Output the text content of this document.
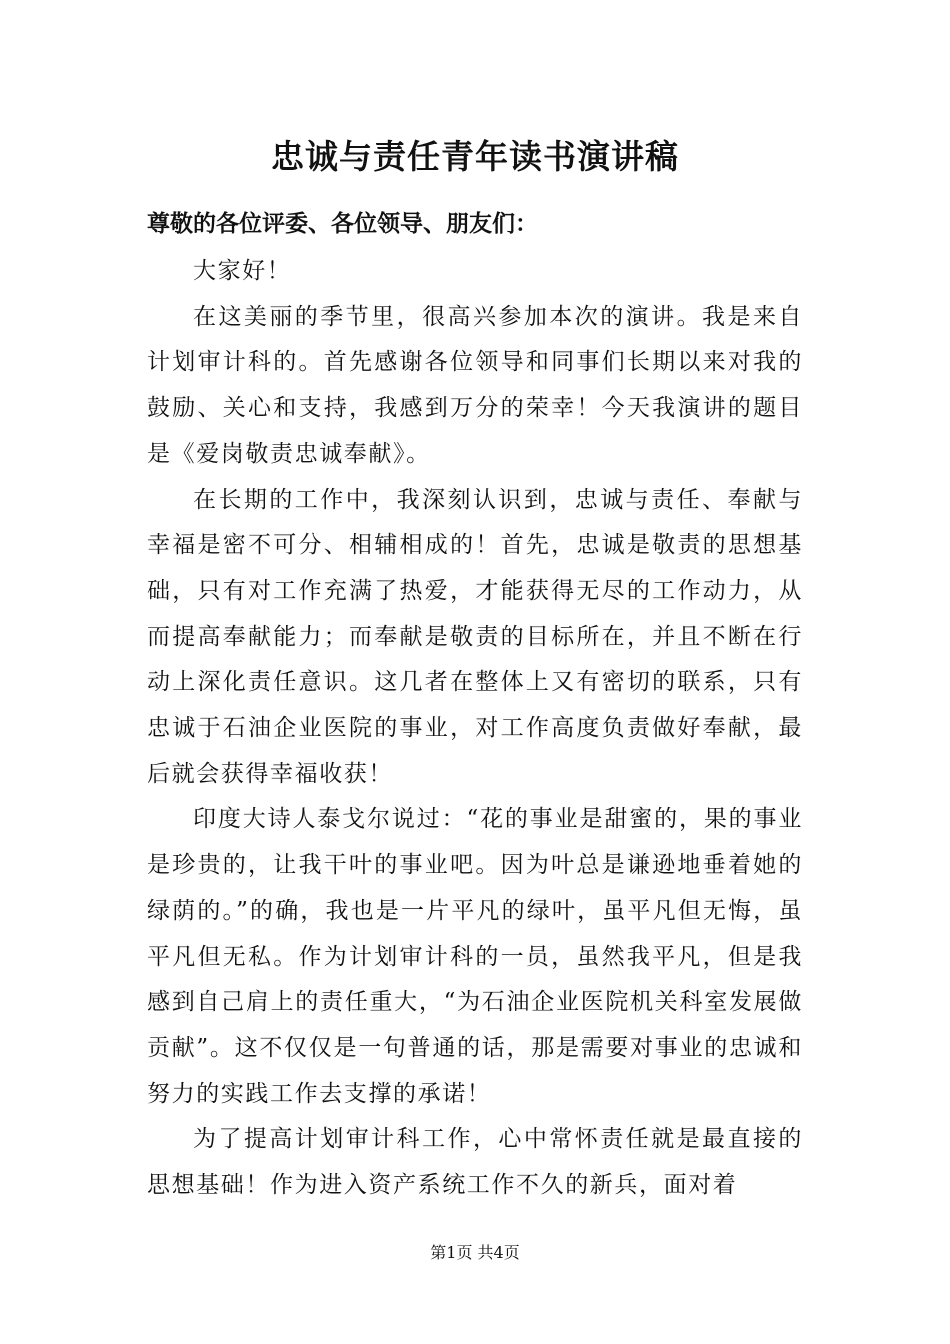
忠诚与责任青年读书演讲稿

尊敬的各位评委、各位领导、朋友们：

大家好！

在这美丽的季节里，很高兴参加本次的演讲。我是来自计划审计科的。首先感谢各位领导和同事们长期以来对我的鼓励、关心和支持，我感到万分的荣幸！今天我演讲的题目是《爱岗敬责忠诚奉献》。

在长期的工作中，我深刻认识到，忠诚与责任、奉献与幸福是密不可分、相辅相成的！首先，忠诚是敬责的思想基础，只有对工作充满了热爱，才能获得无尽的工作动力，从而提高奉献能力；而奉献是敬责的目标所在，并且不断在行动上深化责任意识。这几者在整体上又有密切的联系，只有忠诚于石油企业医院的事业，对工作高度负责做好奉献，最后就会获得幸福收获！

印度大诗人泰戈尔说过：“花的事业是甜蜜的，果的事业是珍贵的，让我干叶的事业吧。因为叶总是谦逊地垂着她的绿荫的。”的确，我也是一片平凡的绿叶，虽平凡但无悔，虽平凡但无私。作为计划审计科的一员，虽然我平凡，但是我感到自己肩上的责任重大，“为石油企业医院机关科室发展做贡献”。这不仅仅是一句普通的话，那是需要对事业的忠诚和努力的实践工作去支撑的承诺！

为了提高计划审计科工作，心中常怀责任就是最直接的思想基础！作为进入资产系统工作不久的新兵，面对着

第1页 共4页
